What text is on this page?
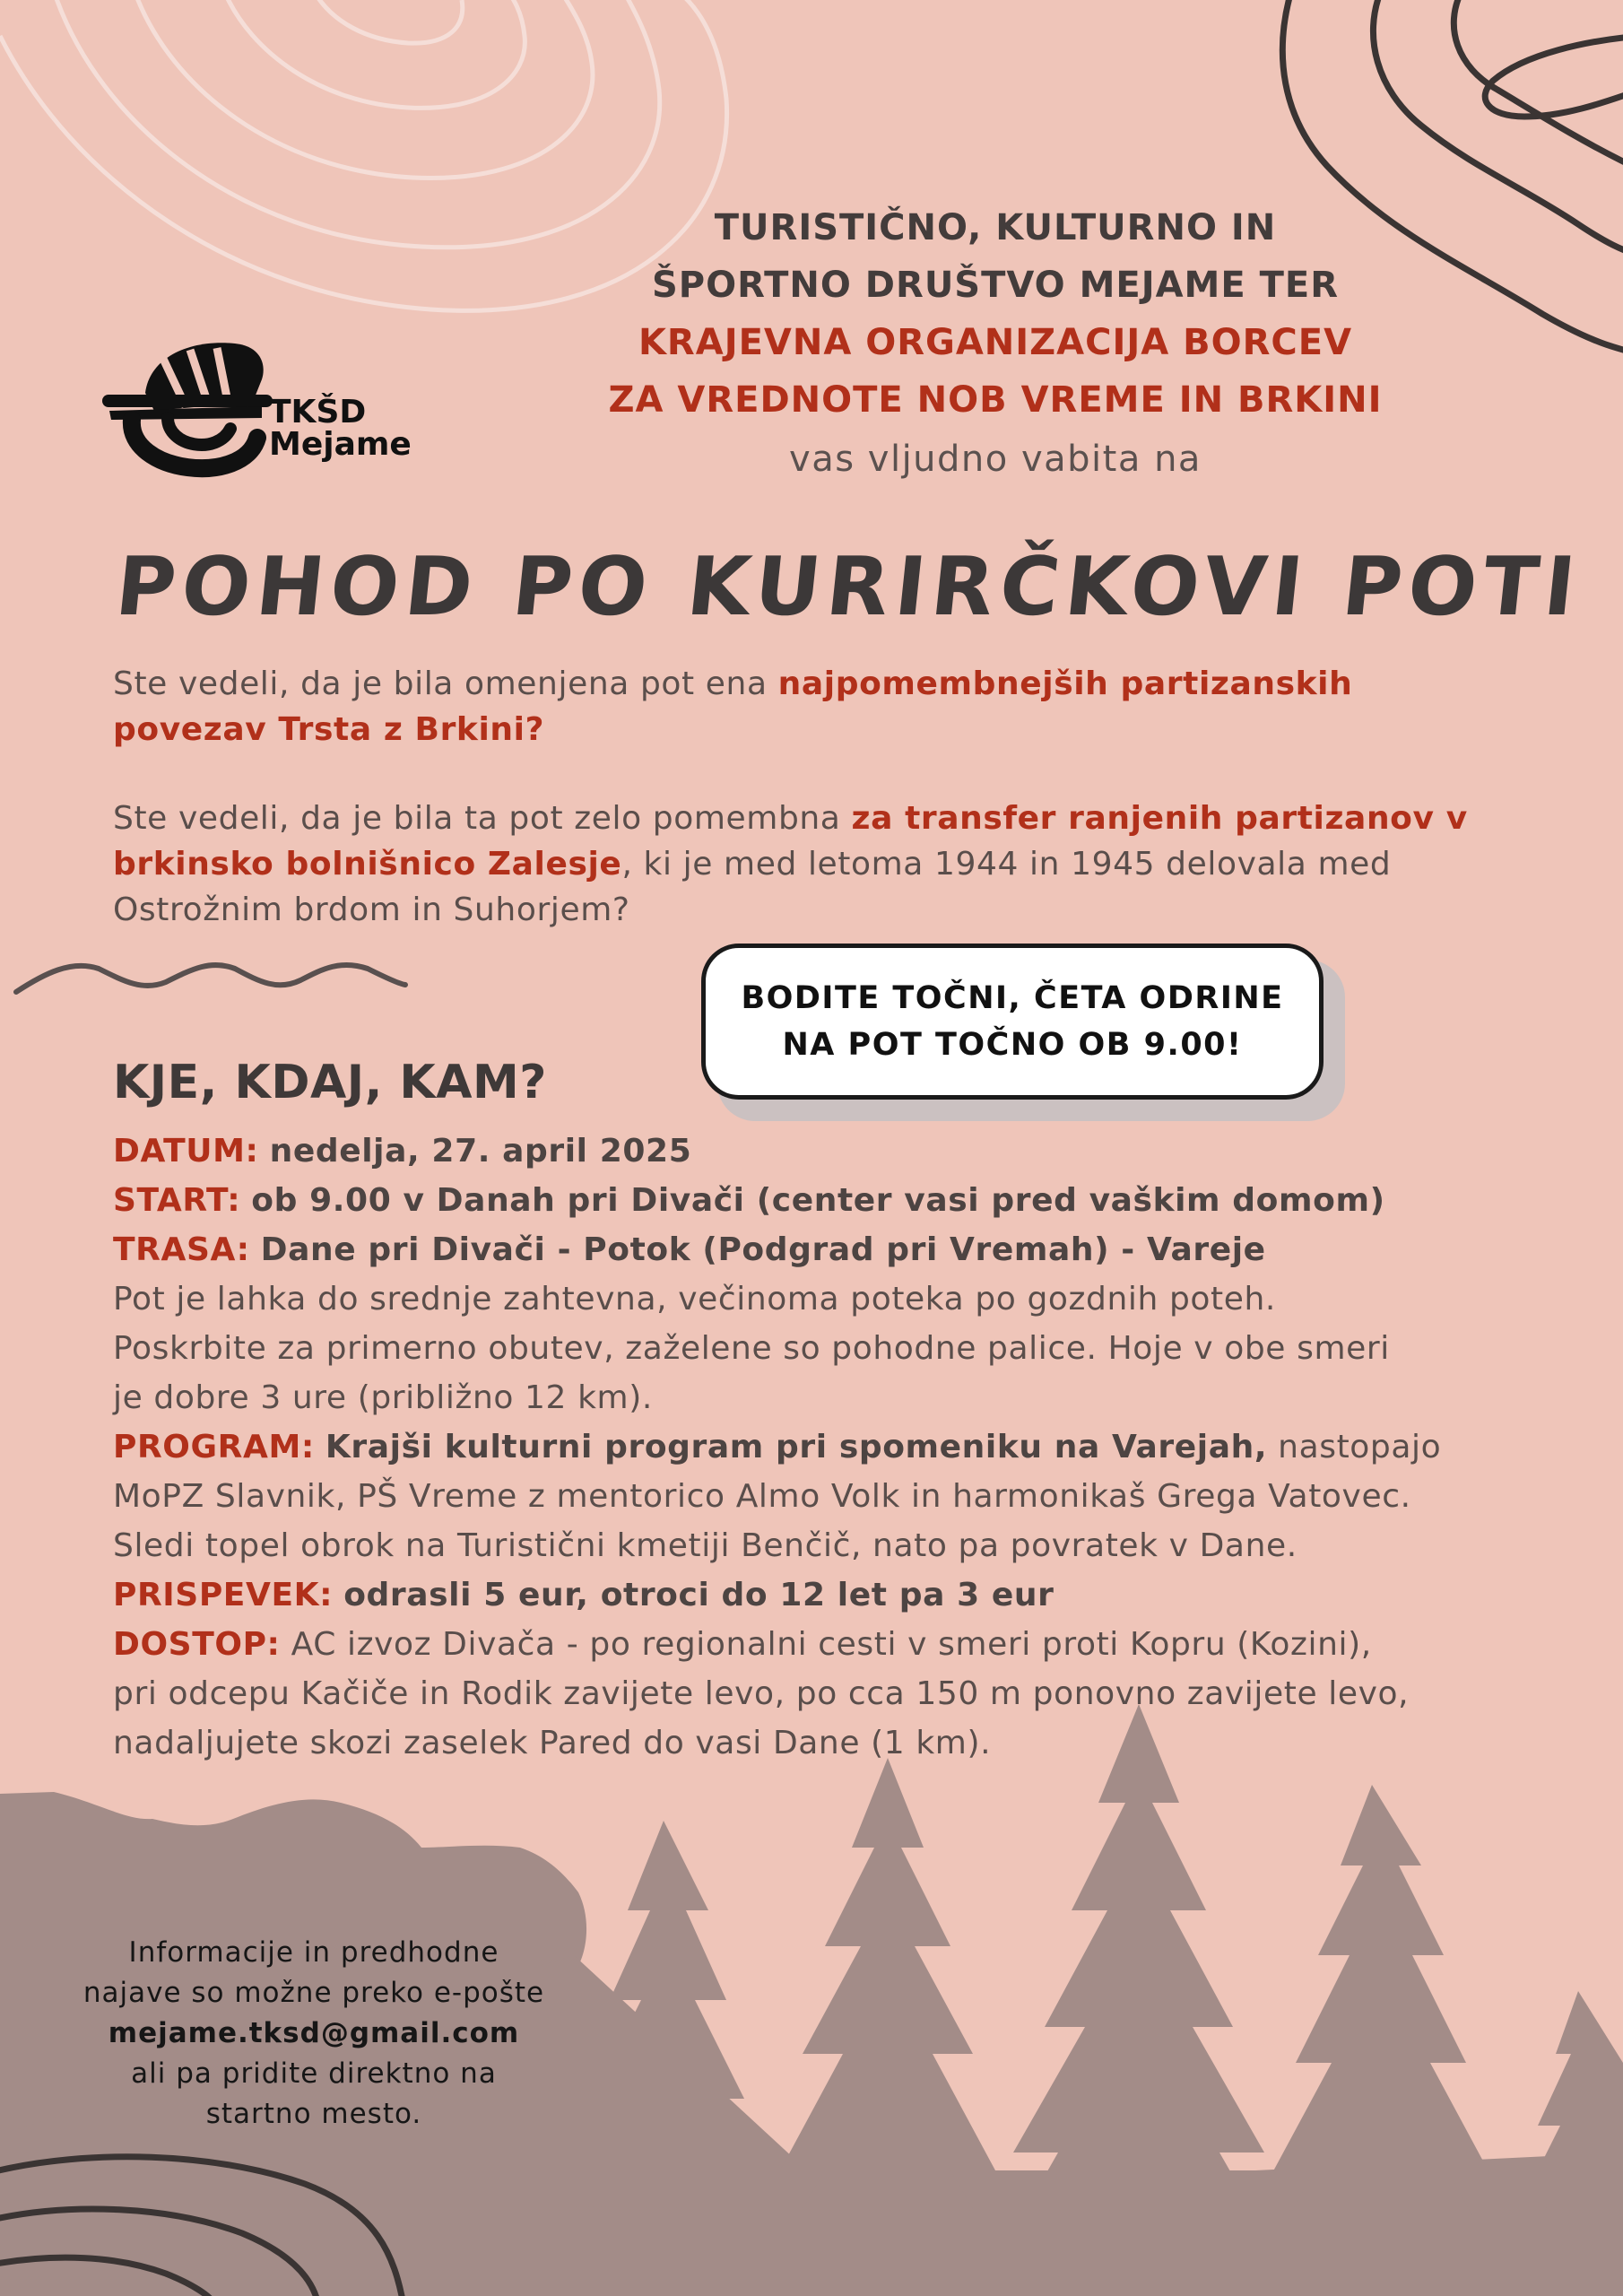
TURISTIČNO, KULTURNO IN
ŠPORTNO DRUŠTVO MEJAME TER
KRAJEVNA ORGANIZACIJA BORCEV
ZA VREDNOTE NOB VREME IN BRKINI
vas vljudno vabita na
TKŠD
Mejame
POHOD PO KURIRČKOVI POTI

Ste vedeli, da je bila omenjena pot ena najpomembnejših partizanskih povezav Trsta z Brkini?

Ste vedeli, da je bila ta pot zelo pomembna za transfer ranjenih partizanov v brkinsko bolnišnico Zalesje, ki je med letoma 1944 in 1945 delovala med Ostrožnim brdom in Suhorjem?

BODITE TOČNI, ČETA ODRINE
NA POT TOČNO OB 9.00!
KJE, KDAJ, KAM?
DATUM: nedelja, 27. april 2025
START: ob 9.00 v Danah pri Divači (center vasi pred vaškim domom)
TRASA: Dane pri Divači - Potok (Podgrad pri Vremah) - Vareje
Pot je lahka do srednje zahtevna, večinoma poteka po gozdnih poteh.
Poskrbite za primerno obutev, zaželene so pohodne palice. Hoje v obe smeri
je dobre 3 ure (približno 12 km).
PROGRAM: Krajši kulturni program pri spomeniku na Varejah, nastopajo
MoPZ Slavnik, PŠ Vreme z mentorico Almo Volk in harmonikaš Grega Vatovec.
Sledi topel obrok na Turistični kmetiji Benčič, nato pa povratek v Dane.
PRISPEVEK: odrasli 5 eur, otroci do 12 let pa 3 eur
DOSTOP: AC izvoz Divača - po regionalni cesti v smeri proti Kopru (Kozini),
pri odcepu Kačiče in Rodik zavijete levo, po cca 150 m ponovno zavijete levo,
nadaljujete skozi zaselek Pared do vasi Dane (1 km).
Informacije in predhodne
najave so možne preko e-pošte
mejame.tksd@gmail.com
ali pa pridite direktno na
startno mesto.
